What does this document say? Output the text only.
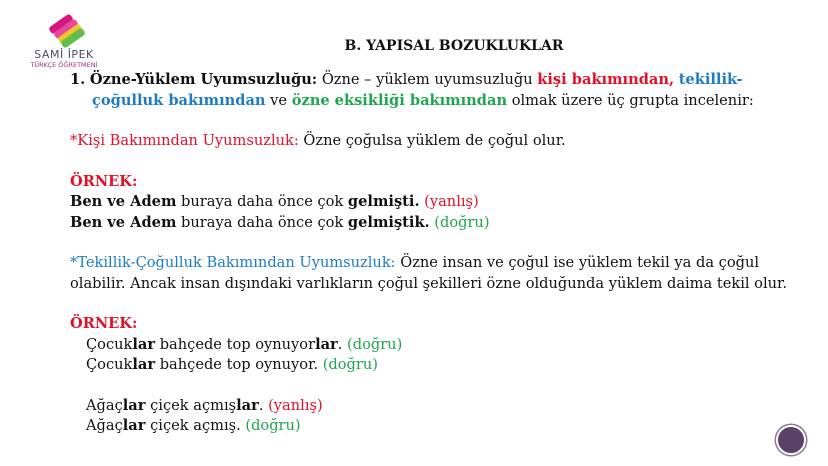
SAMİ İPEK
TÜRKÇE ÖĞRETMENİ
B. YAPISAL BOZUKLUKLAR

1. Özne-Yüklem Uyumsuzluğu: Özne – yüklem uyumsuzluğu kişi bakımından, tekillik-çoğulluk bakımından ve özne eksikliği bakımından olmak üzere üç grupta incelenir:

*Kişi Bakımından Uyumsuzluk: Özne çoğulsa yüklem de çoğul olur.

ÖRNEK:

Ben ve Adem buraya daha önce çok gelmişti. (yanlış)

Ben ve Adem buraya daha önce çok gelmiştik. (doğru)

*Tekillik-Çoğulluk Bakımından Uyumsuzluk: Özne insan ve çoğul ise yüklem tekil ya da çoğul olabilir. Ancak insan dışındaki varlıkların çoğul şekilleri özne olduğunda yüklem daima tekil olur.

ÖRNEK:

Çocuklar bahçede top oynuyorlar. (doğru)

Çocuklar bahçede top oynuyor. (doğru)

Ağaçlar çiçek açmışlar. (yanlış)

Ağaçlar çiçek açmış. (doğru)
